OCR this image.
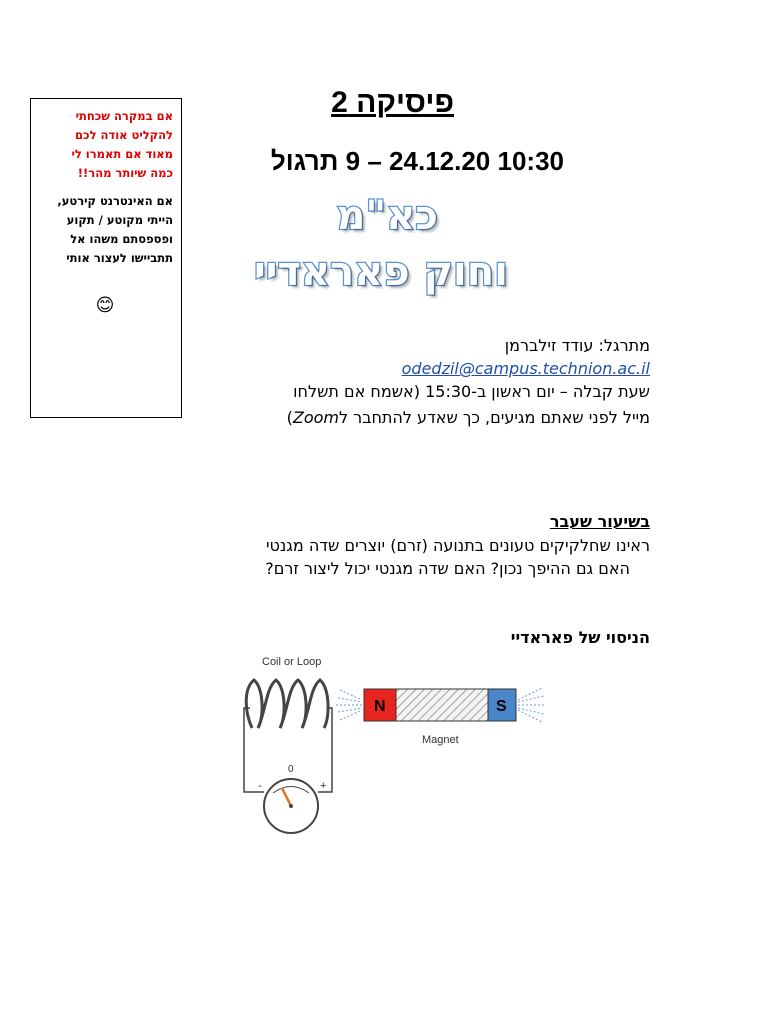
אם במקרה שכחתי
להקליט אודה לכם
מאוד אם תאמרו לי
כמה שיותר מהר!!
אם האינטרנט קירטע,
הייתי מקוטע / תקוע
ופספסתם משהו אל
תתביישו לעצור אותי
😊
פיסיקה 2
10:30 24.12.20 – 9 תרגול
כא"מ
וחוק פאראדיי
מתרגל: עודד זילברמן
odedzil@campus.technion.ac.il
שעת קבלה – יום ראשון ב-15:30 (אשמח אם תשלחו
מייל לפני שאתם מגיעים, כך שאדע להתחבר לZoom)
בשיעור שעבר
ראינו שחלקיקים טעונים בתנועה (זרם) יוצרים שדה מגנטי
האם גם ההיפך נכון? האם שדה מגנטי יכול ליצור זרם?
הניסוי של פאראדיי
Coil or Loop
0
-	+
N	S
Magnet
